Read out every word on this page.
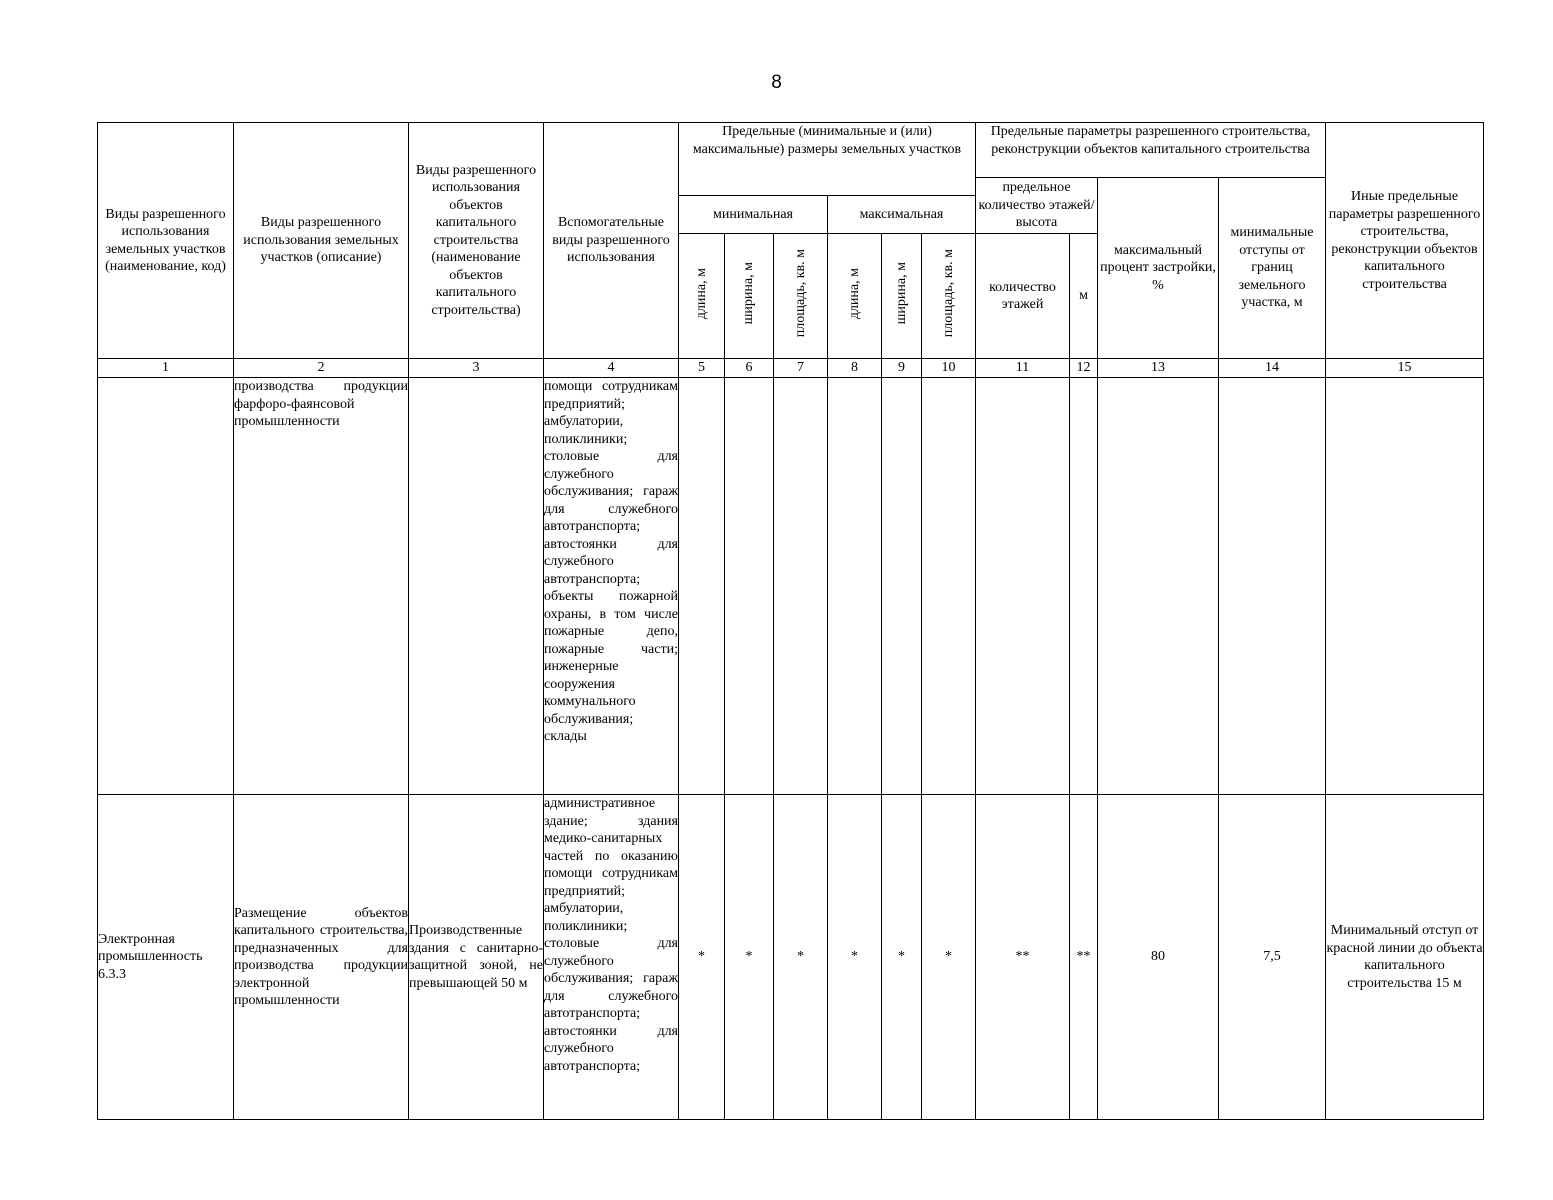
8
Виды разрешенного использования земельных участков (наименование, код)	Виды разрешенного использования земельных участков (описание)	Виды разрешенного использования объектов капитального строительства (наименование объектов капитального строительства)	Вспомогательные виды разрешенного использования	Предельные (минимальные и (или) максимальные) размеры земельных участков						Предельные параметры разрешенного строительства, реконструкции объектов капитального строительства				Иные предельные параметры разрешенного строительства, реконструкции объектов капитального строительства
										предельное количество этажей/высота		максимальный процент застройки, %	минимальные отступы от границ земельного участка, м	
				минимальная			максимальная							
				длина, м	ширина, м	площадь, кв. м	длина, м	ширина, м	площадь, кв. м	количество этажей	м			
1	2	3	4	5	6	7	8	9	10	11	12	13	14	15
	производства продукции фарфоро-фаянсовой промышленности		помощи сотрудникам предприятий; амбулатории, поликлиники; столовые для служебного обслуживания; гараж для служебного автотранспорта; автостоянки для служебного автотранспорта; объекты пожарной охраны, в том числе пожарные депо, пожарные части; инженерные сооружения коммунального обслуживания; склады											
Электронная промышленность 6.3.3	Размещение объектов капитального строительства, предназначенных для производства продукции электронной промышленности	Производственные здания с санитарно-защитной зоной, не превышающей 50 м	административное здание; здания медико-санитарных частей по оказанию помощи сотрудникам предприятий; амбулатории, поликлиники; столовые для служебного обслуживания; гараж для служебного автотранспорта; автостоянки для служебного автотранспорта;	*	*	*	*	*	*	**	**	80	7,5	Минимальный отступ от красной линии до объекта капитального строительства 15 м
